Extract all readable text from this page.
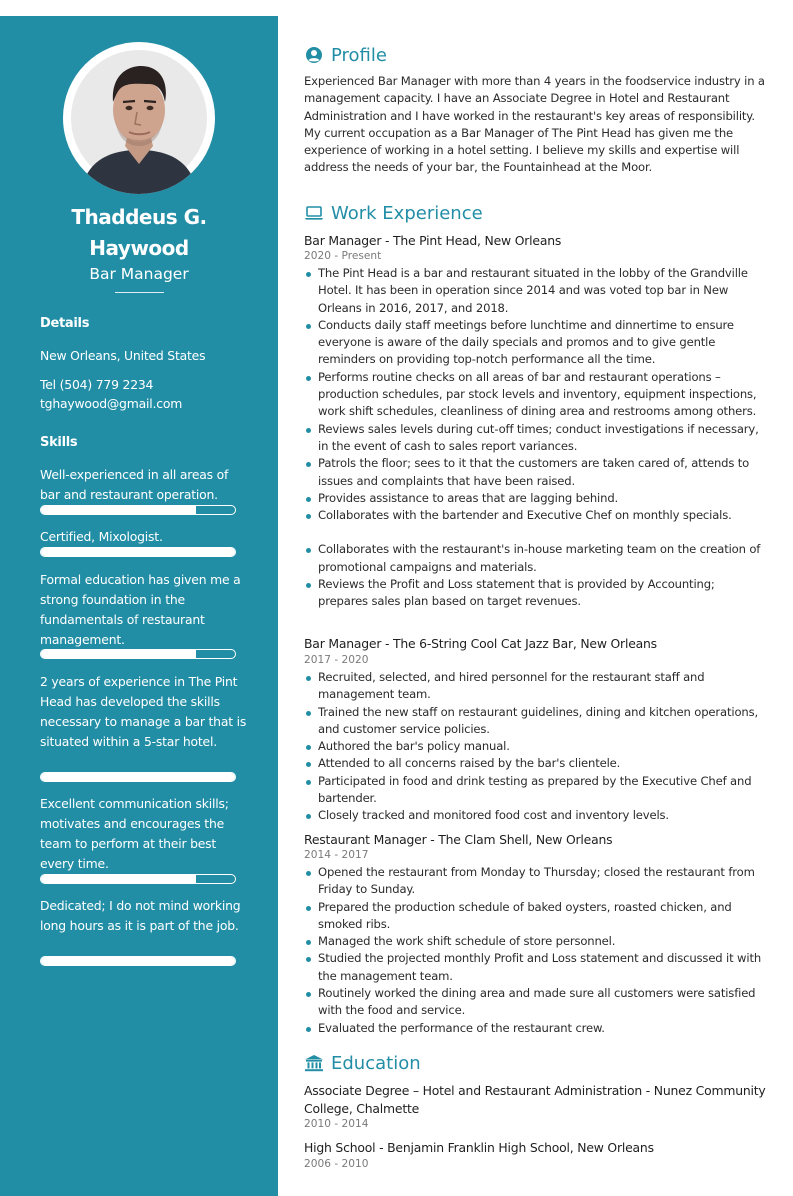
Thaddeus G.
Haywood
Bar Manager
Details
New Orleans, United States
Tel (504) 779 2234
tghaywood@gmail.com
Skills
Well-experienced in all areas of bar and restaurant operation.
Certified, Mixologist.
Formal education has given me a strong foundation in the fundamentals of restaurant management.
2 years of experience in The Pint Head has developed the skills necessary to manage a bar that is situated within a 5-star hotel.
Excellent communication skills; motivates and encourages the team to perform at their best every time.
Dedicated; I do not mind working long hours as it is part of the job.
Profile
Experienced Bar Manager with more than 4 years in the foodservice industry in a management capacity. I have an Associate Degree in Hotel and Restaurant Administration and I have worked in the restaurant's key areas of responsibility. My current occupation as a Bar Manager of The Pint Head has given me the experience of working in a hotel setting. I believe my skills and expertise will address the needs of your bar, the Fountainhead at the Moor.
Work Experience
Bar Manager - The Pint Head, New Orleans
2020 - Present
The Pint Head is a bar and restaurant situated in the lobby of the Grandville Hotel. It has been in operation since 2014 and was voted top bar in New Orleans in 2016, 2017, and 2018.
Conducts daily staff meetings before lunchtime and dinnertime to ensure everyone is aware of the daily specials and promos and to give gentle reminders on providing top-notch performance all the time.
Performs routine checks on all areas of bar and restaurant operations – production schedules, par stock levels and inventory, equipment inspections, work shift schedules, cleanliness of dining area and restrooms among others.
Reviews sales levels during cut-off times; conduct investigations if necessary, in the event of cash to sales report variances.
Patrols the floor; sees to it that the customers are taken cared of, attends to issues and complaints that have been raised.
Provides assistance to areas that are lagging behind.
Collaborates with the bartender and Executive Chef on monthly specials.
Collaborates with the restaurant's in-house marketing team on the creation of promotional campaigns and materials.
Reviews the Profit and Loss statement that is provided by Accounting; prepares sales plan based on target revenues.
Bar Manager - The 6-String Cool Cat Jazz Bar, New Orleans
2017 - 2020
Recruited, selected, and hired personnel for the restaurant staff and management team.
Trained the new staff on restaurant guidelines, dining and kitchen operations, and customer service policies.
Authored the bar's policy manual.
Attended to all concerns raised by the bar's clientele.
Participated in food and drink testing as prepared by the Executive Chef and bartender.
Closely tracked and monitored food cost and inventory levels.
Restaurant Manager - The Clam Shell, New Orleans
2014 - 2017
Opened the restaurant from Monday to Thursday; closed the restaurant from Friday to Sunday.
Prepared the production schedule of baked oysters, roasted chicken, and smoked ribs.
Managed the work shift schedule of store personnel.
Studied the projected monthly Profit and Loss statement and discussed it with the management team.
Routinely worked the dining area and made sure all customers were satisfied with the food and service.
Evaluated the performance of the restaurant crew.
Education
Associate Degree – Hotel and Restaurant Administration - Nunez Community College, Chalmette
2010 - 2014
High School - Benjamin Franklin High School, New Orleans
2006 - 2010
